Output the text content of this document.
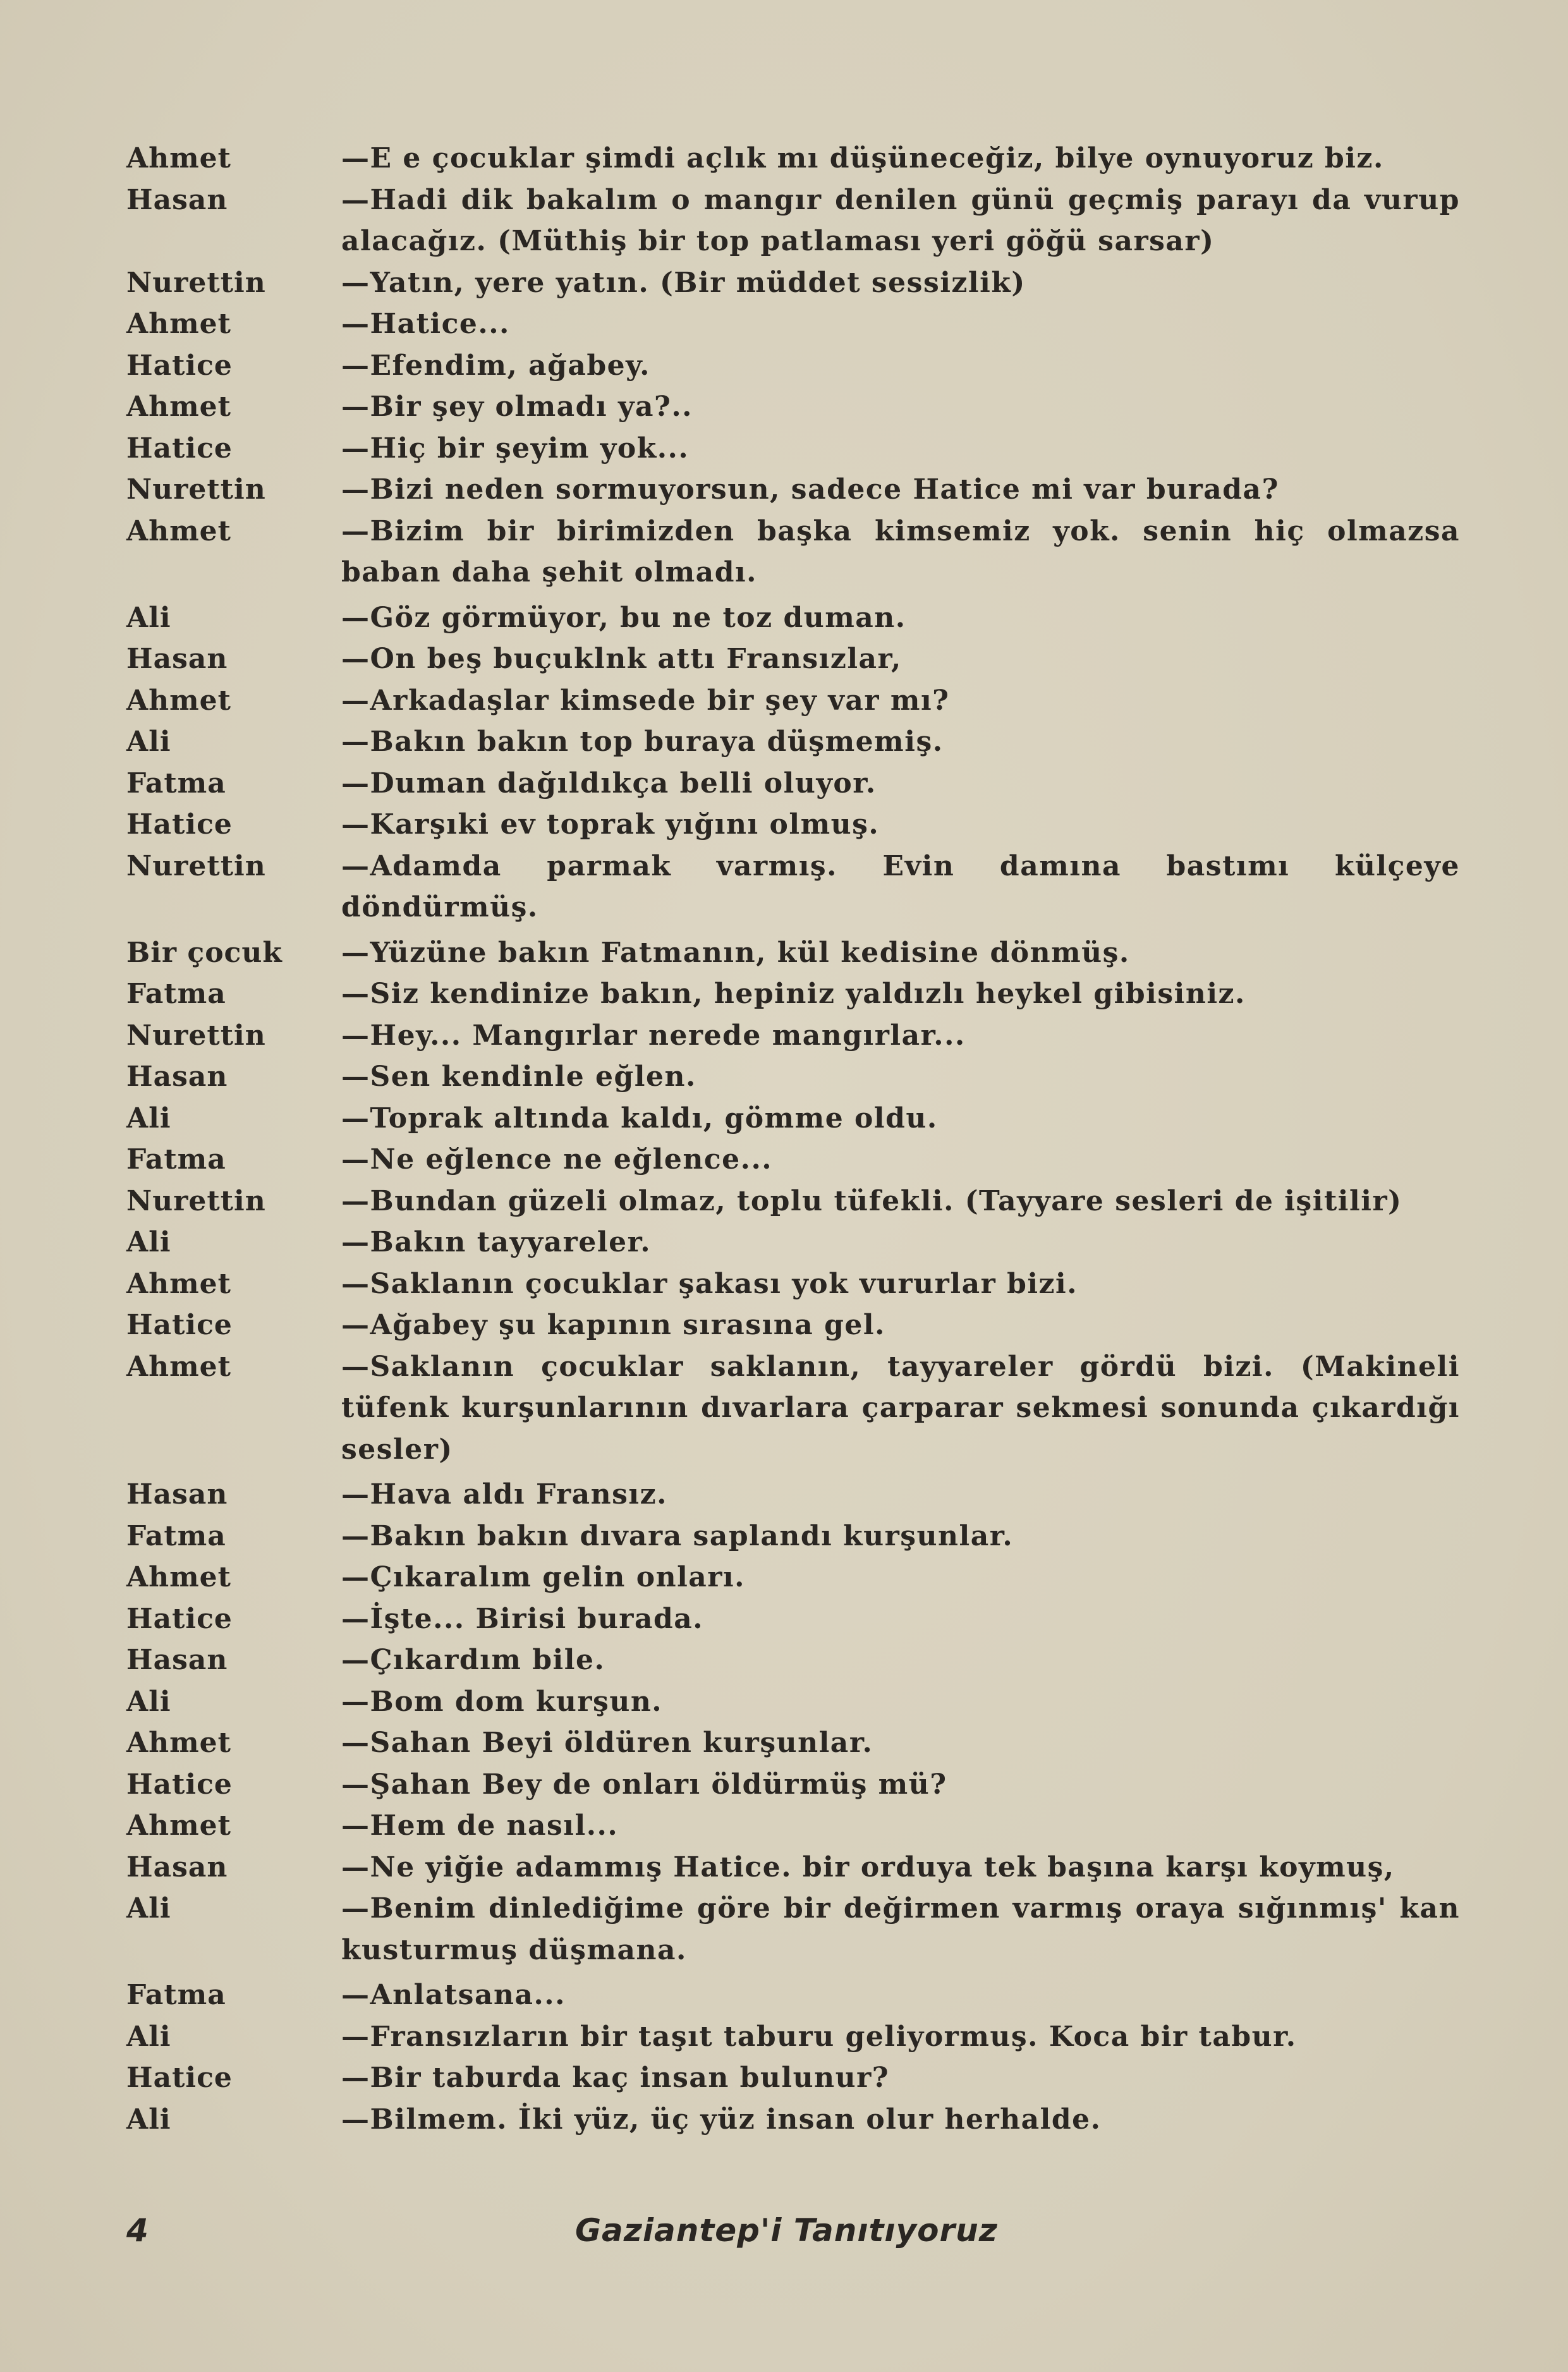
Ahmet	—E e çocuklar şimdi açlık mı düşüneceğiz, bilye oynuyoruz biz.
Hasan	—Hadi dik bakalım o mangır denilen günü geçmiş parayı da vurup alacağız. (Müthiş bir top patlaması yeri göğü sarsar)
Nurettin	—Yatın, yere yatın. (Bir müddet sessizlik)
Ahmet	—Hatice...
Hatice	—Efendim, ağabey.
Ahmet	—Bir şey olmadı ya?..
Hatice	—Hiç bir şeyim yok...
Nurettin	—Bizi neden sormuyorsun, sadece Hatice mi var burada?
Ahmet	—Bizim bir birimizden başka kimsemiz yok. senin hiç olmazsa baban daha şehit olmadı.
Ali	—Göz görmüyor, bu ne toz duman.
Hasan	—On beş buçuklnk attı Fransızlar,
Ahmet	—Arkadaşlar kimsede bir şey var mı?
Ali	—Bakın bakın top buraya düşmemiş.
Fatma	—Duman dağıldıkça belli oluyor.
Hatice	—Karşıki ev toprak yığını olmuş.
Nurettin	—Adamda parmak varmış. Evin damına bastımı külçeye döndürmüş.
Bir çocuk	—Yüzüne bakın Fatmanın, kül kedisine dönmüş.
Fatma	—Siz kendinize bakın, hepiniz yaldızlı heykel gibisiniz.
Nurettin	—Hey... Mangırlar nerede mangırlar...
Hasan	—Sen kendinle eğlen.
Ali	—Toprak altında kaldı, gömme oldu.
Fatma	—Ne eğlence ne eğlence...
Nurettin	—Bundan güzeli olmaz, toplu tüfekli. (Tayyare sesleri de işitilir)
Ali	—Bakın tayyareler.
Ahmet	—Saklanın çocuklar şakası yok vururlar bizi.
Hatice	—Ağabey şu kapının sırasına gel.
Ahmet	—Saklanın çocuklar saklanın, tayyareler gördü bizi. (Makineli tüfenk kurşunlarının dıvarlara çarparar sekmesi sonunda çıkardığı sesler)
Hasan	—Hava aldı Fransız.
Fatma	—Bakın bakın dıvara saplandı kurşunlar.
Ahmet	—Çıkaralım gelin onları.
Hatice	—İşte... Birisi burada.
Hasan	—Çıkardım bile.
Ali	—Bom dom kurşun.
Ahmet	—Sahan Beyi öldüren kurşunlar.
Hatice	—Şahan Bey de onları öldürmüş mü?
Ahmet	—Hem de nasıl...
Hasan	—Ne yiğie adammış Hatice. bir orduya tek başına karşı koymuş,
Ali	—Benim dinlediğime göre bir değirmen varmış oraya sığınmış' kan kusturmuş düşmana.
Fatma	—Anlatsana...
Ali	—Fransızların bir taşıt taburu geliyormuş. Koca bir tabur.
Hatice	—Bir taburda kaç insan bulunur?
Ali	—Bilmem. İki yüz, üç yüz insan olur herhalde.
4	Gaziantep'i Tanıtıyoruz
